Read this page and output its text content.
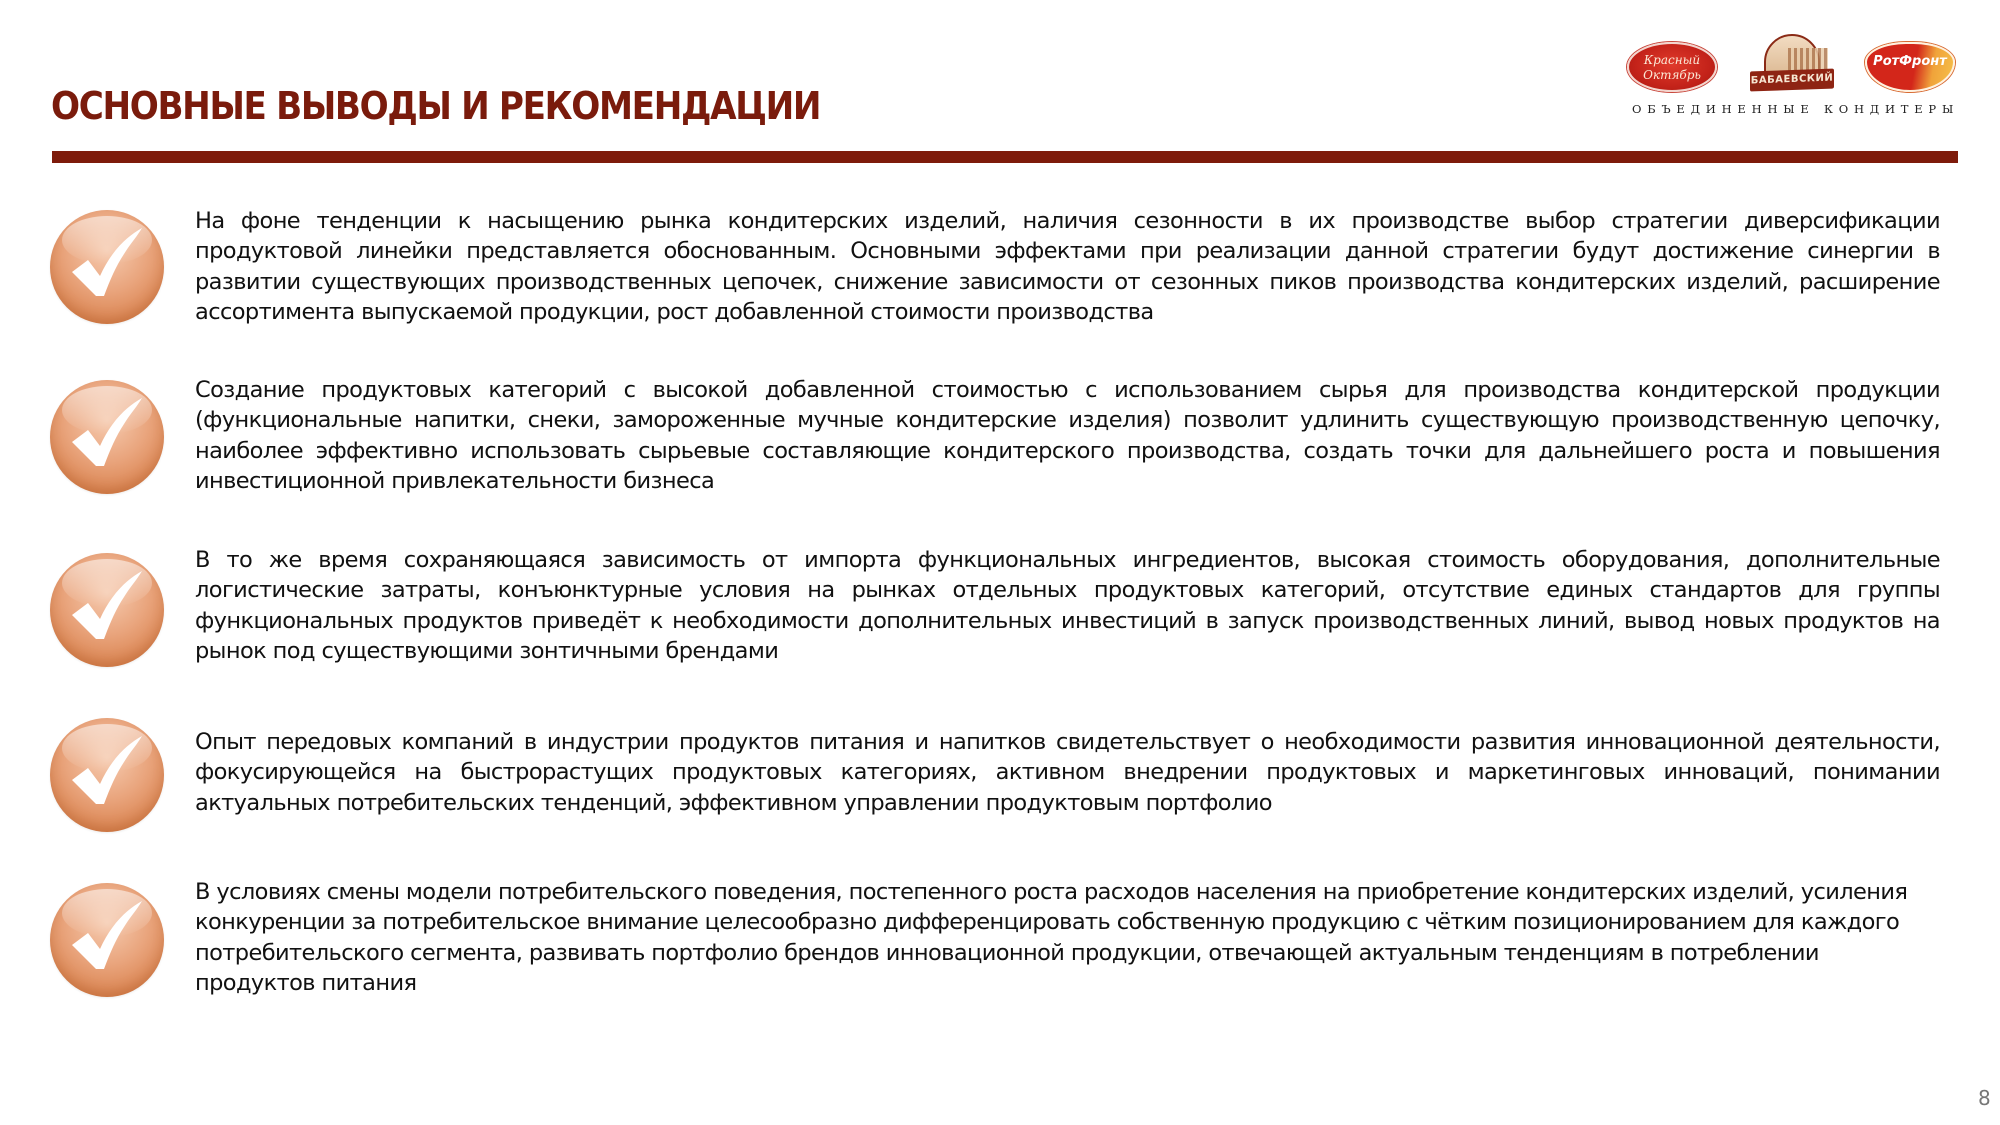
ОСНОВНЫЕ ВЫВОДЫ И РЕКОМЕНДАЦИИ
Красный
Октябрь	БАБАЕВСКИЙ
РотФронт
ОБЪЕДИНЕННЫЕ КОНДИТЕРЫ
На фоне тенденции к насыщению рынка кондитерских изделий, наличия сезонности в их производстве выбор стратегии диверсификации продуктовой линейки представляется обоснованным. Основными эффектами при реализации данной стратегии будут достижение синергии в развитии существующих производственных цепочек, снижение зависимости от сезонных пиков производства кондитерских изделий, расширение ассортимента выпускаемой продукции, рост добавленной стоимости производства
Создание продуктовых категорий с высокой добавленной стоимостью с использованием сырья для производства кондитерской продукции (функциональные напитки, снеки, замороженные мучные кондитерские изделия) позволит удлинить существующую производственную цепочку, наиболее эффективно использовать сырьевые составляющие кондитерского производства, создать точки для дальнейшего роста и повышения инвестиционной привлекательности бизнеса
В то же время сохраняющаяся зависимость от импорта функциональных ингредиентов, высокая стоимость оборудования, дополнительные логистические затраты, конъюнктурные условия на рынках отдельных продуктовых категорий, отсутствие единых стандартов для группы функциональных продуктов приведёт к необходимости дополнительных инвестиций в запуск производственных линий, вывод новых продуктов на рынок под существующими зонтичными брендами
Опыт передовых компаний в индустрии продуктов питания и напитков свидетельствует о необходимости развития инновационной деятельности, фокусирующейся на быстрорастущих продуктовых категориях, активном внедрении продуктовых и маркетинговых инноваций, понимании актуальных потребительских тенденций, эффективном управлении продуктовым портфолио
В условиях смены модели потребительского поведения, постепенного роста расходов населения на приобретение кондитерских изделий, усиления конкуренции за потребительское внимание целесообразно дифференцировать собственную продукцию с чётким позиционированием для каждого потребительского сегмента, развивать портфолио брендов инновационной продукции, отвечающей актуальным тенденциям в потреблении продуктов питания
8
